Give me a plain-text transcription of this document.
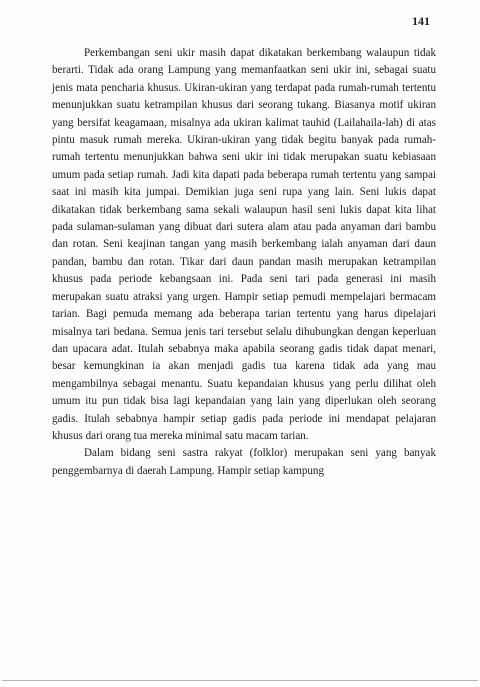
141

Perkembangan seni ukir masih dapat dikatakan berkembang walaupun tidak berarti. Tidak ada orang Lampung yang memanfaatkan seni ukir ini, sebagai suatu jenis mata pencharia khusus. Ukiran-ukiran yang terdapat pada rumah-rumah tertentu menunjukkan suatu ketrampilan khusus dari seorang tukang. Biasanya motif ukiran yang bersifat keagamaan, misalnya ada ukiran kalimat tauhid (Lailahaila-lah) di atas pintu masuk rumah mereka. Ukiran-ukiran yang tidak begitu banyak pada rumah-rumah tertentu menunjukkan bahwa seni ukir ini tidak merupakan suatu kebiasaan umum pada setiap rumah. Jadi kita dapati pada beberapa rumah tertentu yang sampai saat ini masih kita jumpai. Demikian juga seni rupa yang lain. Seni lukis dapat dikatakan tidak berkembang sama sekali walaupun hasil seni lukis dapat kita lihat pada sulaman-sulaman yang dibuat dari sutera alam atau pada anyaman dari bambu dan rotan. Seni keajinan tangan yang masih berkembang ialah anyaman dari daun pandan, bambu dan rotan. Tikar dari daun pandan masih merupakan ketrampilan khusus pada periode kebangsaan ini. Pada seni tari pada generasi ini masih merupakan suatu atraksi yang urgen. Hampir setiap pemudi mempelajari bermacam tarian. Bagi pemuda memang ada beberapa tarian tertentu yang harus dipelajari misalnya tari bedana. Semua jenis tari tersebut selalu dihubungkan dengan keperluan dan upacara adat. Itulah sebabnya maka apabila seorang gadis tidak dapat menari, besar kemungkinan ia akan menjadi gadis tua karena tidak ada yang mau mengambilnya sebagai menantu. Suatu kepandaian khusus yang perlu dilihat oleh umum itu pun tidak bisa lagi kepandaian yang lain yang diperlukan oleh seorang gadis. Itulah sebabnya hampir setiap gadis pada periode ini mendapat pelajaran khusus dari orang tua mereka minimal satu macam tarian.

Dalam bidang seni sastra rakyat (folklor) merupakan seni yang banyak penggembarnya di daerah Lampung. Hampir setiap kampung
